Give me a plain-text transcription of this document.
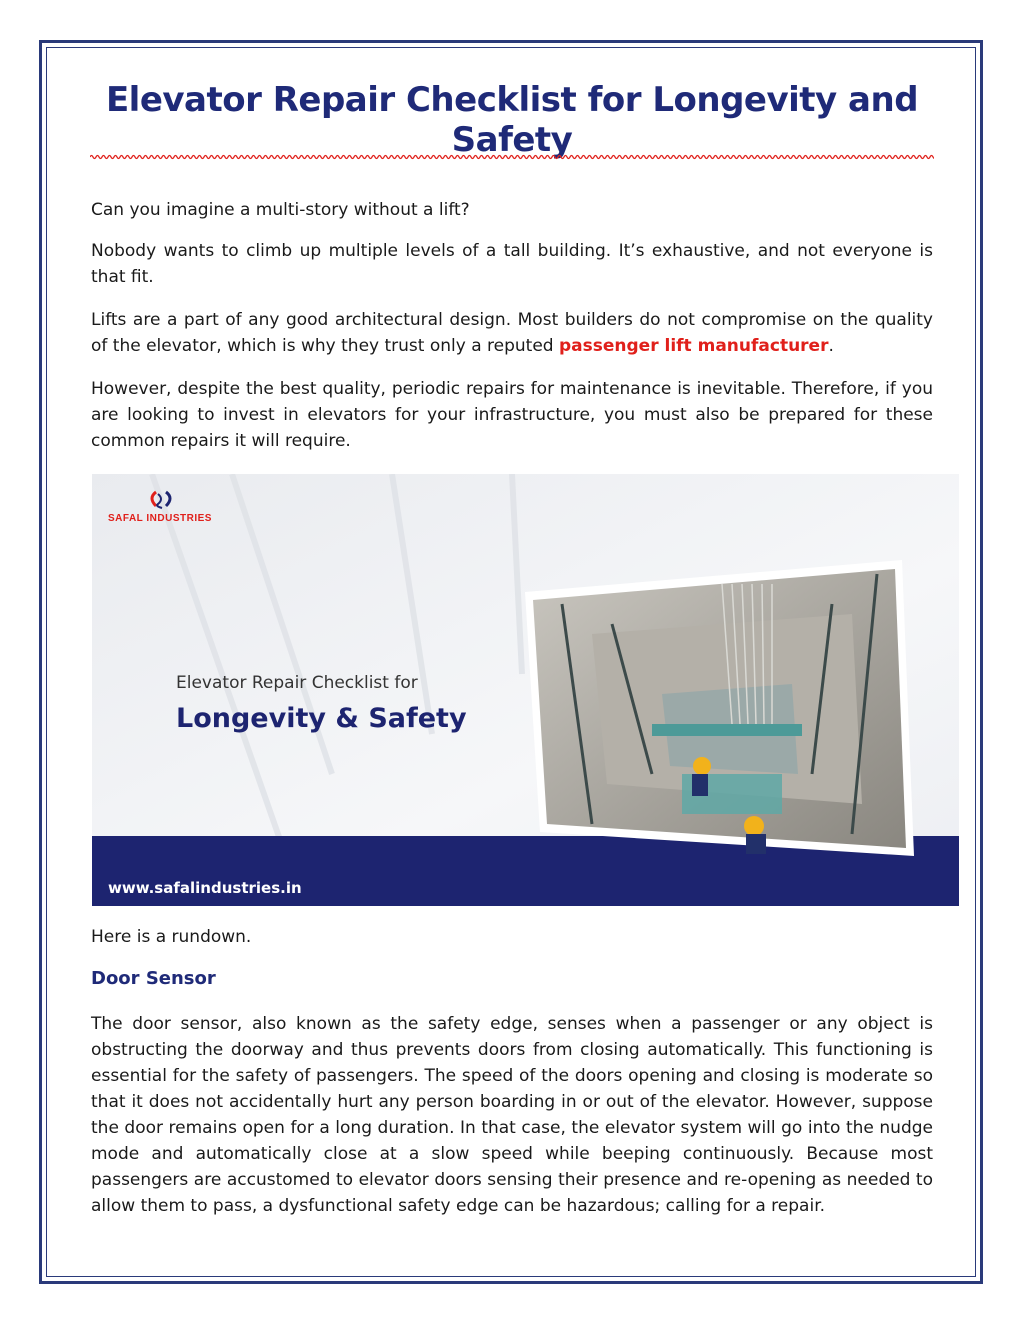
Elevator Repair Checklist for Longevity and Safety

Can you imagine a multi-story without a lift?

Nobody wants to climb up multiple levels of a tall building. It’s exhaustive, and not everyone is that fit.

Lifts are a part of any good architectural design. Most builders do not compromise on the quality of the elevator, which is why they trust only a reputed passenger lift manufacturer.

However, despite the best quality, periodic repairs for maintenance is inevitable. Therefore, if you are looking to invest in elevators for your infrastructure, you must also be prepared for these common repairs it will require.

SAFAL INDUSTRIES
Elevator Repair Checklist for
Longevity & Safety
www.safalindustries.in

Here is a rundown.

Door Sensor

The door sensor, also known as the safety edge, senses when a passenger or any object is obstructing the doorway and thus prevents doors from closing automatically. This functioning is essential for the safety of passengers. The speed of the doors opening and closing is moderate so that it does not accidentally hurt any person boarding in or out of the elevator. However, suppose the door remains open for a long duration. In that case, the elevator system will go into the nudge mode and automatically close at a slow speed while beeping continuously. Because most passengers are accustomed to elevator doors sensing their presence and re-opening as needed to allow them to pass, a dysfunctional safety edge can be hazardous; calling for a repair.
